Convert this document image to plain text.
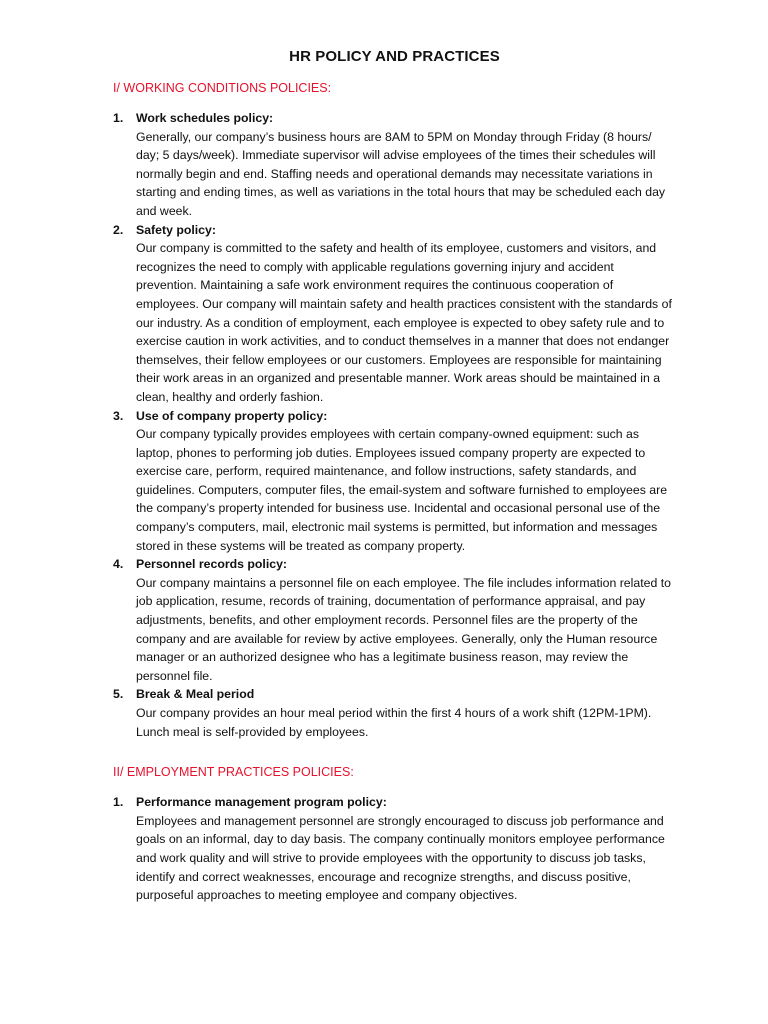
HR POLICY AND PRACTICES
I/ WORKING CONDITIONS POLICIES:
1. Work schedules policy:
Generally, our company’s business hours are 8AM to 5PM on Monday through Friday (8 hours/ day; 5 days/week). Immediate supervisor will advise employees of the times their schedules will normally begin and end. Staffing needs and operational demands may necessitate variations in starting and ending times, as well as variations in the total hours that may be scheduled each day and week.
2. Safety policy:
Our company is committed to the safety and health of its employee, customers and visitors, and recognizes the need to comply with applicable regulations governing injury and accident prevention. Maintaining a safe work environment requires the continuous cooperation of employees. Our company will maintain safety and health practices consistent with the standards of our industry. As a condition of employment, each employee is expected to obey safety rule and to exercise caution in work activities, and to conduct themselves in a manner that does not endanger themselves, their fellow employees or our customers. Employees are responsible for maintaining their work areas in an organized and presentable manner. Work areas should be maintained in a clean, healthy and orderly fashion.
3. Use of company property policy:
Our company typically provides employees with certain company-owned equipment: such as laptop, phones to performing job duties. Employees issued company property are expected to exercise care, perform, required maintenance, and follow instructions, safety standards, and guidelines. Computers, computer files, the email-system and software furnished to employees are the company’s property intended for business use. Incidental and occasional personal use of the company’s computers, mail, electronic mail systems is permitted, but information and messages stored in these systems will be treated as company property.
4. Personnel records policy:
Our company maintains a personnel file on each employee. The file includes information related to job application, resume, records of training, documentation of performance appraisal, and pay adjustments, benefits, and other employment records. Personnel files are the property of the company and are available for review by active employees. Generally, only the Human resource manager or an authorized designee who has a legitimate business reason, may review the personnel file.
5. Break & Meal period
Our company provides an hour meal period within the first 4 hours of a work shift (12PM-1PM). Lunch meal is self-provided by employees.
II/ EMPLOYMENT PRACTICES POLICIES:
1. Performance management program policy:
Employees and management personnel are strongly encouraged to discuss job performance and goals on an informal, day to day basis. The company continually monitors employee performance and work quality and will strive to provide employees with the opportunity to discuss job tasks, identify and correct weaknesses, encourage and recognize strengths, and discuss positive, purposeful approaches to meeting employee and company objectives.
